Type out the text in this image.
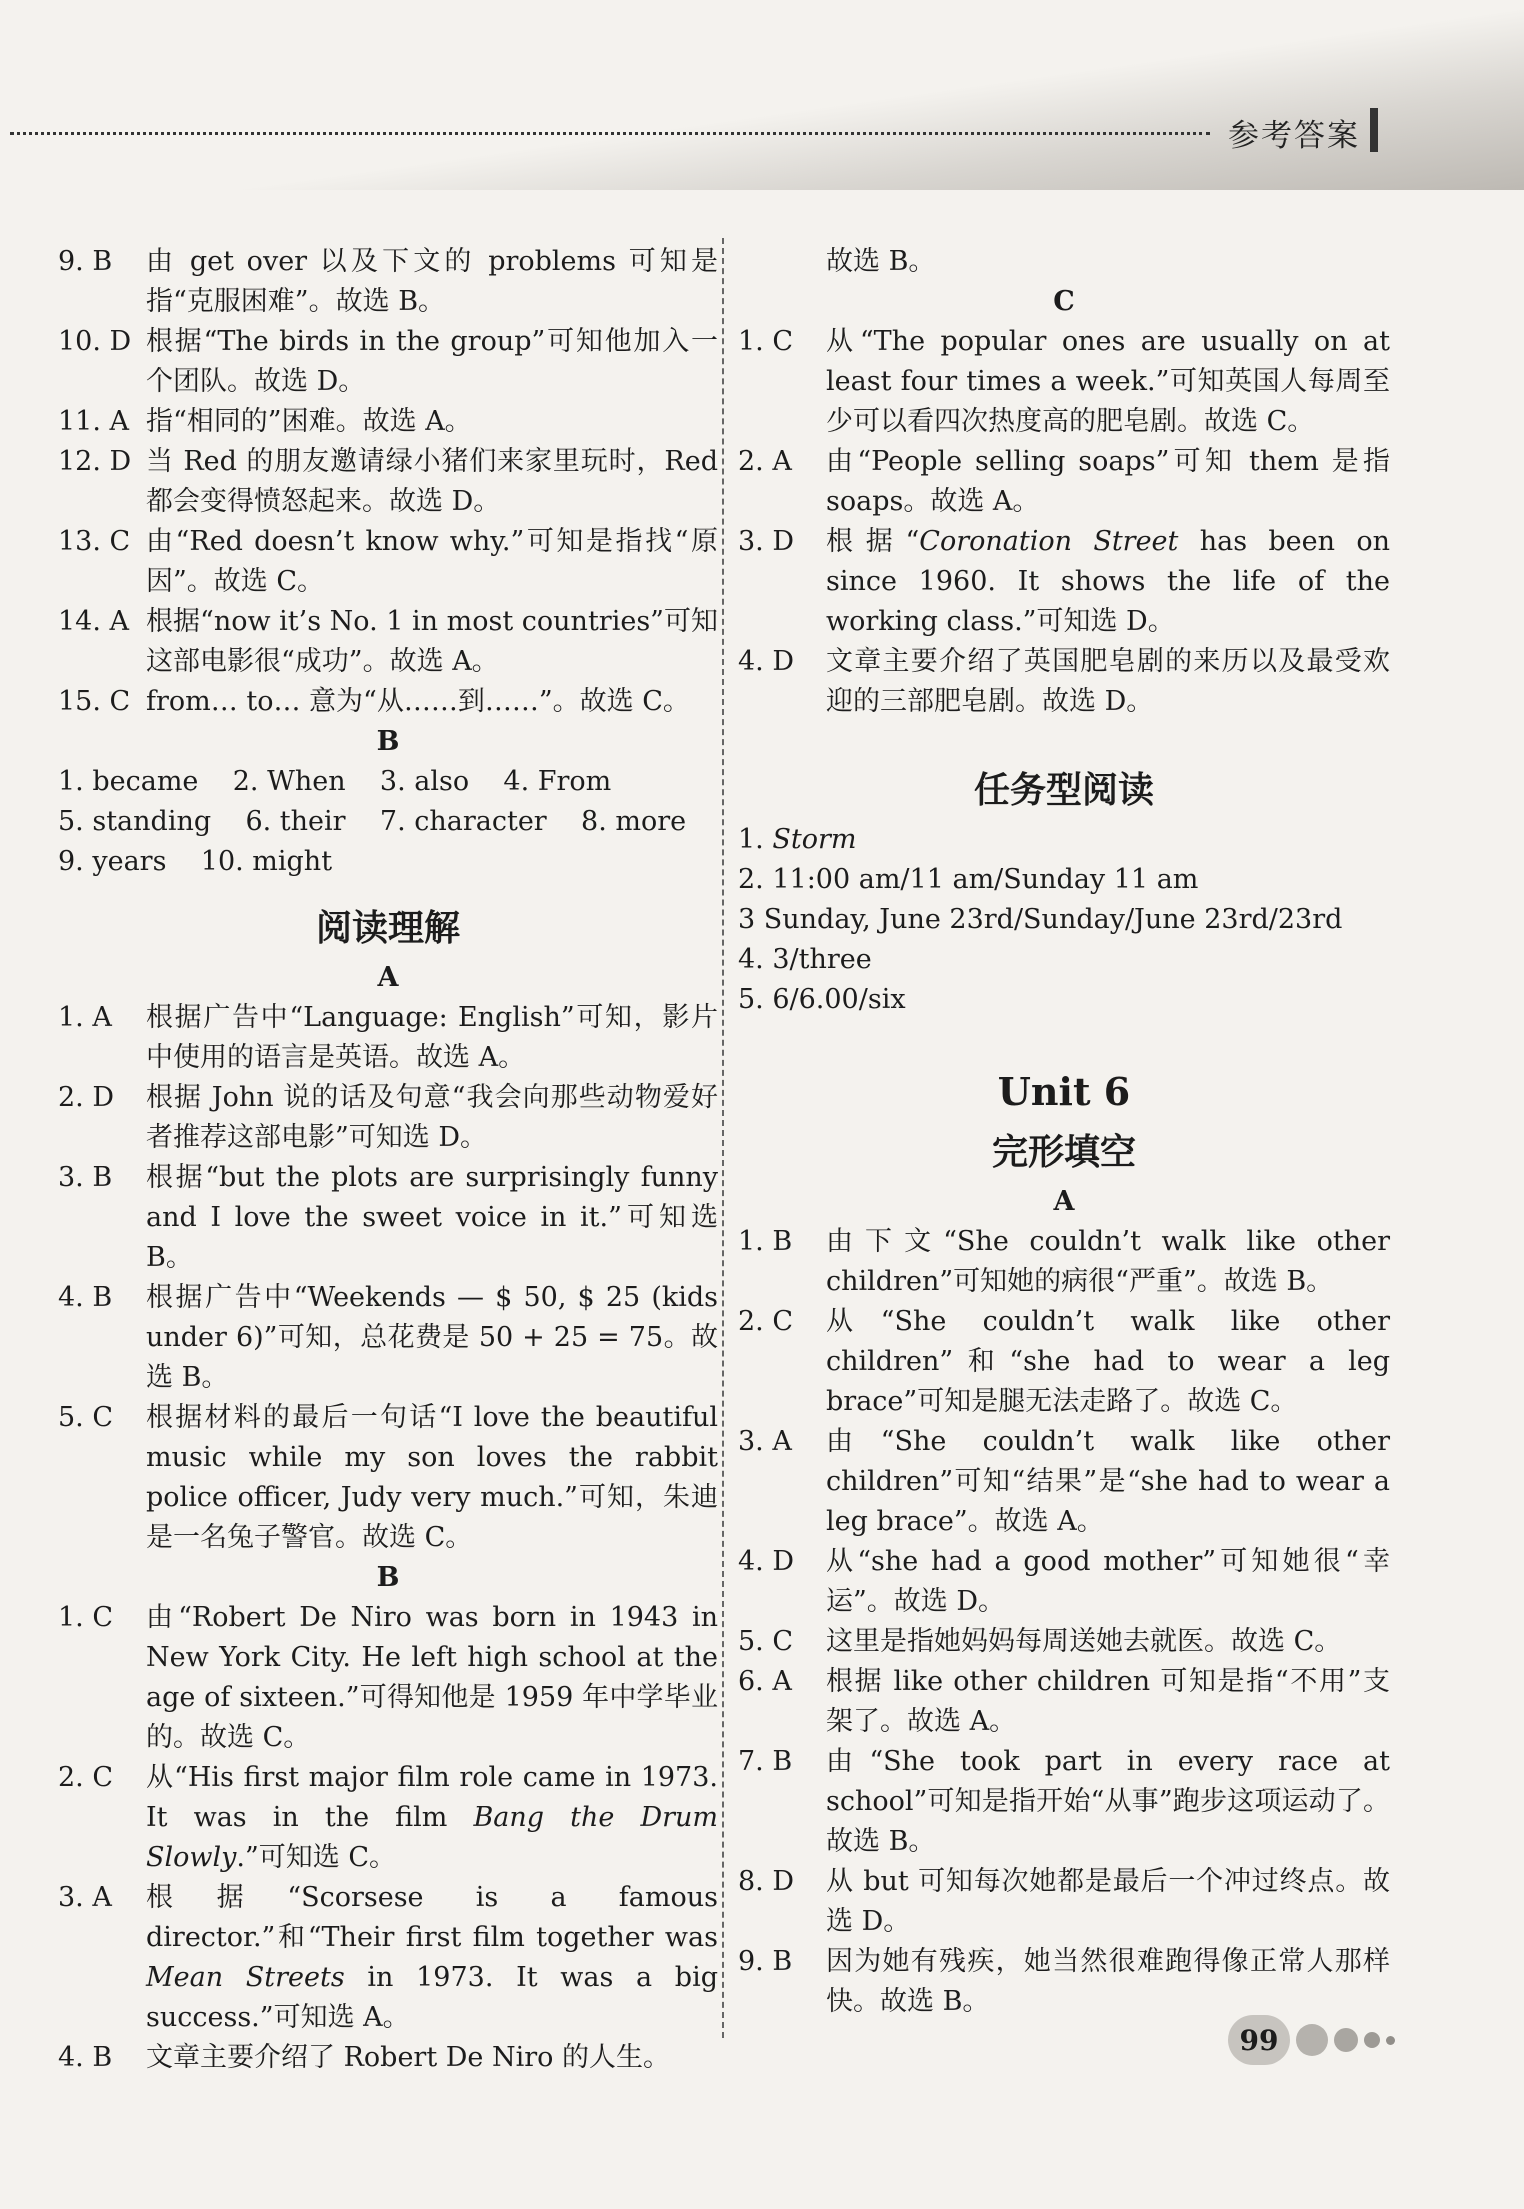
参考答案
9. B	由 get over 以及下文的 problems 可知是指“克服困难”。故选 B。
10. D 根据“The birds in the group”可知他加入一个团队。故选 D。
11. A 指“相同的”困难。故选 A。
12. D 当 Red 的朋友邀请绿小猪们来家里玩时，Red 都会变得愤怒起来。故选 D。
13. C 由“Red doesn’t know why.”可知是指找“原因”。故选 C。
14. A 根据“now it’s No. 1 in most countries”可知这部电影很“成功”。故选 A。
15. C from… to… 意为“从……到……”。故选 C。
B
1. became    2. When    3. also    4. From
5. standing    6. their    7. character    8. more
9. years    10. might
阅读理解
A
1. A	根据广告中“Language: English”可知，影片中使用的语言是英语。故选 A。
2. D	根据 John 说的话及句意“我会向那些动物爱好者推荐这部电影”可知选 D。
3. B	根据“but the plots are surprisingly funny and I love the sweet voice in it.”可知选 B。
4. B	根据广告中“Weekends — $ 50, $ 25 (kids under 6)”可知，总花费是 50 + 25 = 75。故选 B。
5. C	根据材料的最后一句话“I love the beautiful music while my son loves the rabbit police officer, Judy very much.”可知，朱迪是一名兔子警官。故选 C。
B
1. C	由“Robert De Niro was born in 1943 in New York City. He left high school at the age of sixteen.”可得知他是 1959 年中学毕业的。故选 C。
2. C	从“His first major film role came in 1973. It was in the film Bang the Drum Slowly.”可知选 C。
3. A	根据“Scorsese is a famous director.”和“Their first film together was Mean Streets in 1973. It was a big success.”可知选 A。
4. B	文章主要介绍了 Robert De Niro 的人生。
故选 B。
C
1. C	从“The popular ones are usually on at least four times a week.”可知英国人每周至少可以看四次热度高的肥皂剧。故选 C。
2. A	由“People selling soaps”可知 them 是指 soaps。故选 A。
3. D	根据“Coronation Street has been on since 1960. It shows the life of the working class.”可知选 D。
4. D	文章主要介绍了英国肥皂剧的来历以及最受欢迎的三部肥皂剧。故选 D。
任务型阅读
1. Storm
2. 11:00 am/11 am/Sunday 11 am
3 Sunday, June 23rd/Sunday/June 23rd/23rd
4. 3/three
5. 6/6.00/six
Unit 6
完形填空
A
1. B	由下文“She couldn’t walk like other children”可知她的病很“严重”。故选 B。
2. C	从“She couldn’t walk like other children”和“she had to wear a leg brace”可知是腿无法走路了。故选 C。
3. A	由“She couldn’t walk like other children”可知“结果”是“she had to wear a leg brace”。故选 A。
4. D	从“she had a good mother”可知她很“幸运”。故选 D。
5. C	这里是指她妈妈每周送她去就医。故选 C。
6. A	根据 like other children 可知是指“不用”支架了。故选 A。
7. B	由“She took part in every race at school”可知是指开始“从事”跑步这项运动了。故选 B。
8. D	从 but 可知每次她都是最后一个冲过终点。故选 D。
9. B	因为她有残疾，她当然很难跑得像正常人那样快。故选 B。
99
